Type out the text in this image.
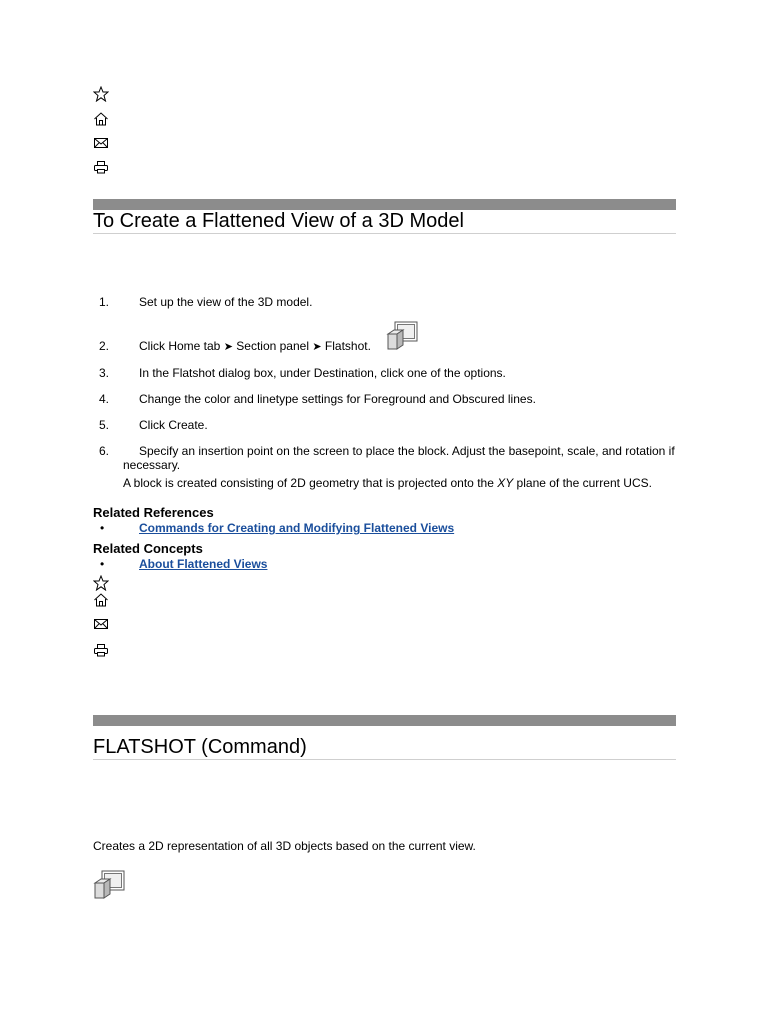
To Create a Flattened View of a 3D Model
1.	Set up the view of the 3D model.
2.	Click Home tab ➤ Section panel ➤ Flatshot.
3.	In the Flatshot dialog box, under Destination, click one of the options.
4.	Change the color and linetype settings for Foreground and Obscured lines.
5.	Click Create.
6.	Specify an insertion point on the screen to place the block. Adjust the basepoint, scale, and rotation if necessary.
A block is created consisting of 2D geometry that is projected onto the XY plane of the current UCS.
Related References
•	Commands for Creating and Modifying Flattened Views
Related Concepts
•	About Flattened Views
FLATSHOT (Command)
Creates a 2D representation of all 3D objects based on the current view.
